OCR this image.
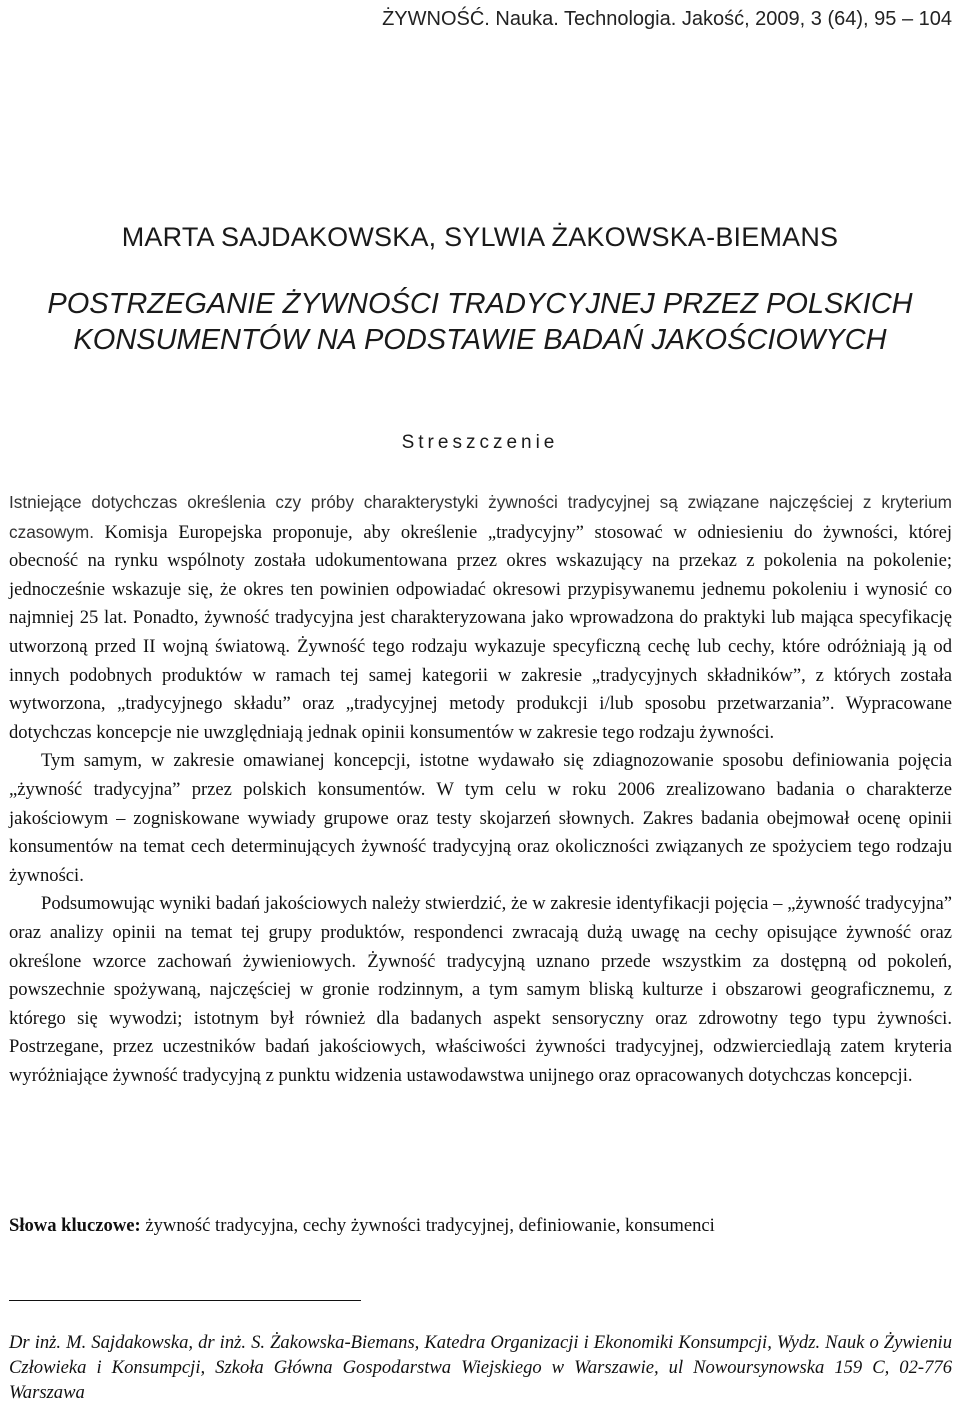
ŻYWNOŚĆ. Nauka. Technologia. Jakość, 2009, 3 (64), 95 – 104
MARTA SAJDAKOWSKA, SYLWIA ŻAKOWSKA-BIEMANS
POSTRZEGANIE ŻYWNOŚCI TRADYCYJNEJ PRZEZ POLSKICH
KONSUMENTÓW NA PODSTAWIE BADAŃ JAKOŚCIOWYCH
Streszczenie

Istniejące dotychczas określenia czy próby charakterystyki żywności tradycyjnej są związane najczęściej z kryterium czasowym. Komisja Europejska proponuje, aby określenie „tradycyjny” stosować w odniesieniu do żywności, której obecność na rynku wspólnoty została udokumentowana przez okres wskazujący na przekaz z pokolenia na pokolenie; jednocześnie wskazuje się, że okres ten powinien odpowiadać okresowi przypisywanemu jednemu pokoleniu i wynosić co najmniej 25 lat. Ponadto, żywność tradycyjna jest charakteryzowana jako wprowadzona do praktyki lub mająca specyfikację utworzoną przed II wojną światową. Żywność tego rodzaju wykazuje specyficzną cechę lub cechy, które odróżniają ją od innych podobnych produktów w ramach tej samej kategorii w zakresie „tradycyjnych składników”, z których została wytworzona, „tradycyjnego składu” oraz „tradycyjnej metody produkcji i/lub sposobu przetwarzania”. Wypracowane dotychczas koncepcje nie uwzględniają jednak opinii konsumentów w zakresie tego rodzaju żywności.

Tym samym, w zakresie omawianej koncepcji, istotne wydawało się zdiagnozowanie sposobu definiowania pojęcia „żywność tradycyjna” przez polskich konsumentów. W tym celu w roku 2006 zrealizowano badania o charakterze jakościowym – zogniskowane wywiady grupowe oraz testy skojarzeń słownych. Zakres badania obejmował ocenę opinii konsumentów na temat cech determinujących żywność tradycyjną oraz okoliczności związanych ze spożyciem tego rodzaju żywności.

Podsumowując wyniki badań jakościowych należy stwierdzić, że w zakresie identyfikacji pojęcia – „żywność tradycyjna” oraz analizy opinii na temat tej grupy produktów, respondenci zwracają dużą uwagę na cechy opisujące żywność oraz określone wzorce zachowań żywieniowych. Żywność tradycyjną uznano przede wszystkim za dostępną od pokoleń, powszechnie spożywaną, najczęściej w gronie rodzinnym, a tym samym bliską kulturze i obszarowi geograficznemu, z którego się wywodzi; istotnym był również dla badanych aspekt sensoryczny oraz zdrowotny tego typu żywności. Postrzegane, przez uczestników badań jakościowych, właściwości żywności tradycyjnej, odzwierciedlają zatem kryteria wyróżniające żywność tradycyjną z punktu widzenia ustawodawstwa unijnego oraz opracowanych dotychczas koncepcji.

Słowa kluczowe: żywność tradycyjna, cechy żywności tradycyjnej, definiowanie, konsumenci
Dr inż. M. Sajdakowska, dr inż. S. Żakowska-Biemans, Katedra Organizacji i Ekonomiki Konsumpcji, Wydz. Nauk o Żywieniu Człowieka i Konsumpcji, Szkoła Główna Gospodarstwa Wiejskiego w Warszawie, ul Nowoursynowska 159 C, 02-776 Warszawa
